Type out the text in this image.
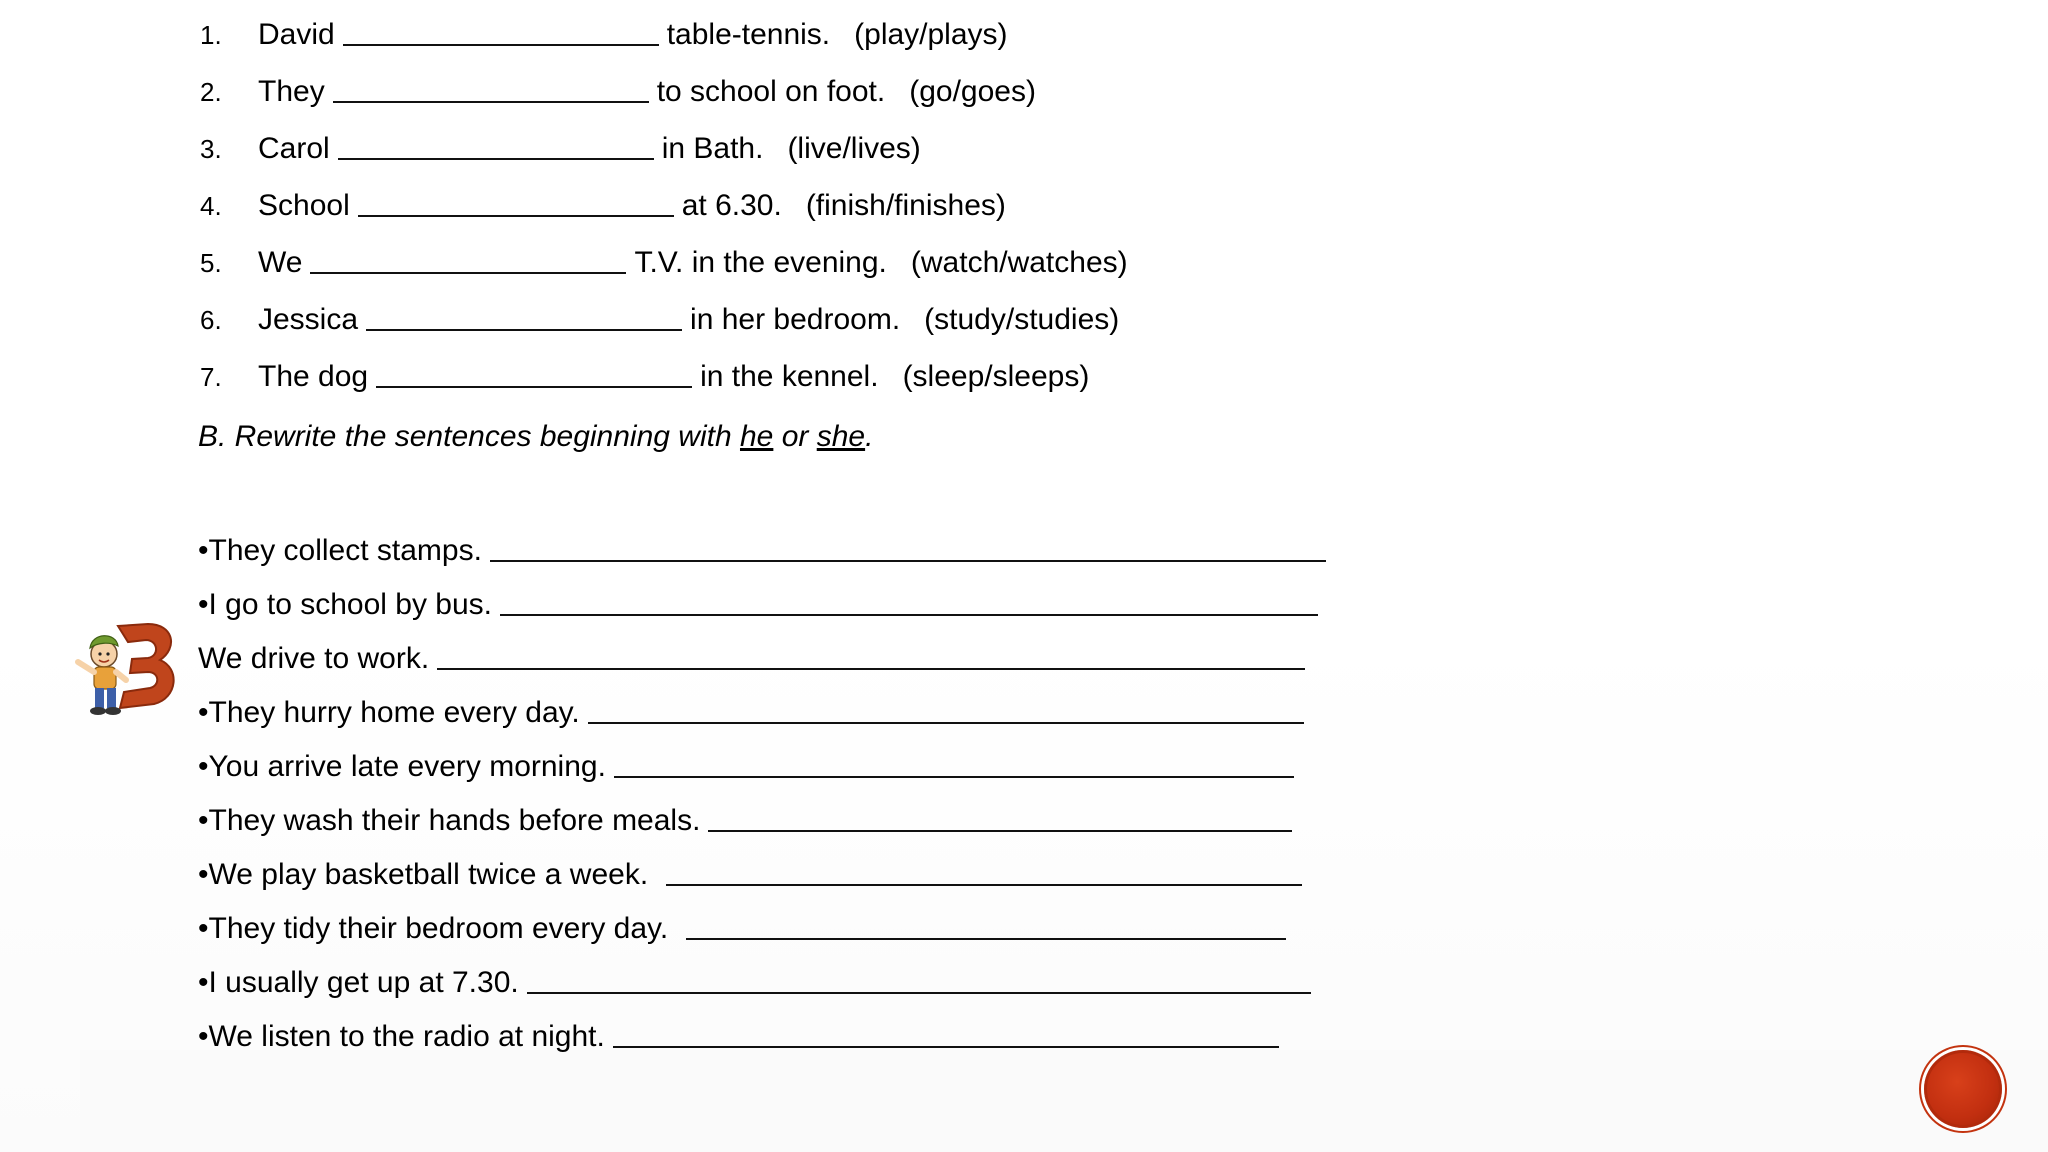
1.	David	table-tennis. (play/plays)
2.	They	to school on foot. (go/goes)
3.	Carol	in Bath. (live/lives)
4.	School	at 6.30. (finish/finishes)
5.	We	T.V. in the evening. (watch/watches)
6.	Jessica	in her bedroom. (study/studies)
7.	The dog	in the kennel. (sleep/sleeps)
B. Rewrite the sentences beginning with he or she.
•They collect stamps.
•I go to school by bus.
We drive to work.
•They hurry home every day.
•You arrive late every morning.
•They wash their hands before meals.
•We play basketball twice a week.
•They tidy their bedroom every day.
•I usually get up at 7.30.
•We listen to the radio at night.
